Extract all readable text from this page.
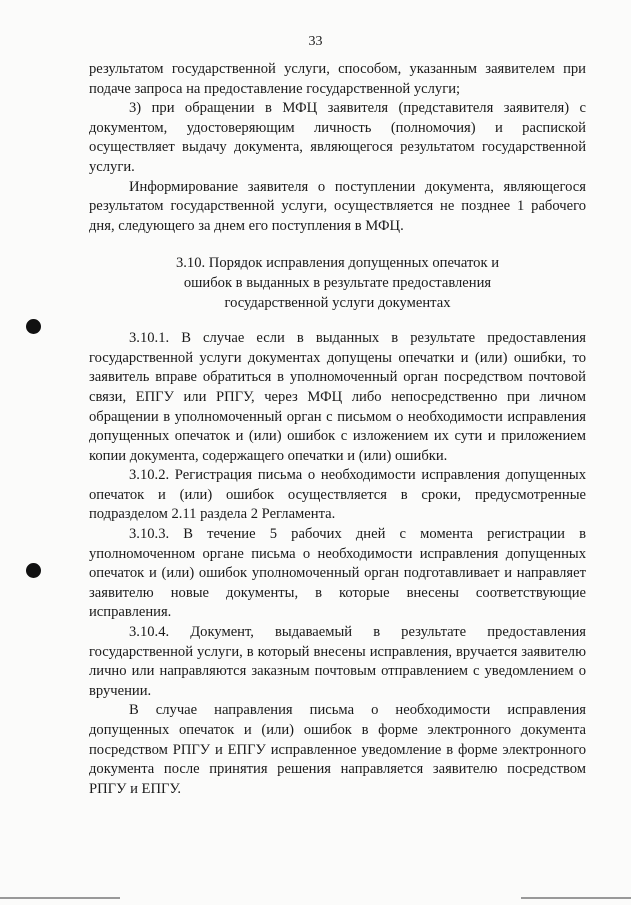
33

результатом государственной услуги, способом, указанным заявителем при подаче запроса на предоставление государственной услуги;

3) при обращении в МФЦ заявителя (представителя заявителя) с документом, удостоверяющим личность (полномочия) и распиской осуществляет выдачу документа, являющегося результатом государственной услуги.

Информирование заявителя о поступлении документа, являющегося результатом государственной услуги, осуществляется не позднее 1 рабочего дня, следующего за днем его поступления в МФЦ.

3.10. Порядок исправления допущенных опечаток и

ошибок в выданных в результате предоставления

государственной услуги документах

3.10.1. В случае если в выданных в результате предоставления государственной услуги документах допущены опечатки и (или) ошибки, то заявитель вправе обратиться в уполномоченный орган посредством почтовой связи, ЕПГУ или РПГУ, через МФЦ либо непосредственно при личном обращении в уполномоченный орган с письмом о необходимости исправления допущенных опечаток и (или) ошибок с изложением их сути и приложением копии документа, содержащего опечатки и (или) ошибки.

3.10.2. Регистрация письма о необходимости исправления допущенных опечаток и (или) ошибок осуществляется в сроки, предусмотренные подразделом 2.11 раздела 2 Регламента.

3.10.3. В течение 5 рабочих дней с момента регистрации в уполномоченном органе письма о необходимости исправления допущенных опечаток и (или) ошибок уполномоченный орган подготавливает и направляет заявителю новые документы, в которые внесены соответствующие исправления.

3.10.4. Документ, выдаваемый в результате предоставления государственной услуги, в который внесены исправления, вручается заявителю лично или направляются заказным почтовым отправлением с уведомлением о вручении.

В случае направления письма о необходимости исправления допущенных опечаток и (или) ошибок в форме электронного документа посредством РПГУ и ЕПГУ исправленное уведомление в форме электронного документа после принятия решения направляется заявителю посредством РПГУ и ЕПГУ.
